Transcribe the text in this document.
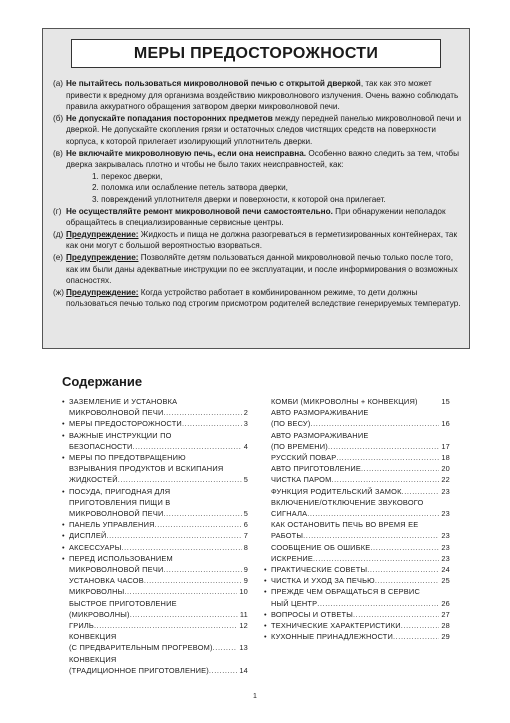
МЕРЫ ПРЕДОСТОРОЖНОСТИ
(а) Не пытайтесь пользоваться микроволновой печью с открытой дверкой, так как это может привести к вредному для организма воздействию микроволнового излучения. Очень важно соблюдать правила аккуратного обращения затвором дверки микроволновой печи.
(б) Не допускайте попадания посторонних предметов между передней панелью микроволновой печи и дверкой. Не допускайте скопления грязи и остаточных следов чистящих средств на поверхности корпуса, к которой прилегает изолирующий уплотнитель дверки.
(в) Не включайте микроволновую печь, если она неисправна. Особенно важно следить за тем, чтобы дверка закрывалась плотно и чтобы не было таких неисправностей, как:
1. перекос дверки,
2. поломка или ослабление петель затвора дверки,
3. повреждений уплотнителя дверки и поверхности, к которой она прилегает.
(г) Не осуществляйте ремонт микроволновой печи самостоятельно. При обнаружении неполадок обращайтесь в специализированные сервисные центры.
(д) Предупреждение: Жидкость и пища не должна разогреваться в герметизированных контейнерах, так как они могут с большой вероятностью взорваться.
(е) Предупреждение: Позволяйте детям пользоваться данной микроволновой печью только после того, как им были даны адекватные инструкции по ее эксплуатации, и после информирования о возможных опасностях.
(ж) Предупреждение: Когда устройство работает в комбинированном режиме, то дети должны пользоваться печью только под строгим присмотром родителей вследствие генерируемых температур.
Содержание
• ЗАЗЕМЛЕНИЕ И УСТАНОВКА
МИКРОВОЛНОВОЙ ПЕЧИ .....	2
• МЕРЫ ПРЕДОСТОРОЖНОСТИ .....	3
• ВАЖНЫЕ ИНСТРУКЦИИ ПО
БЕЗОПАСНОСТИ .....	4
• МЕРЫ ПО ПРЕДОТВРАЩЕНИЮ
ВЗРЫВАНИЯ ПРОДУКТОВ И ВСКИПАНИЯ
ЖИДКОСТЕЙ .....	5
• ПОСУДА, ПРИГОДНАЯ ДЛЯ
ПРИГОТОВЛЕНИЯ ПИЩИ В
МИКРОВОЛНОВОЙ ПЕЧИ .....	5
• ПАНЕЛЬ УПРАВЛЕНИЯ .....	6
• ДИСПЛЕЙ .....	7
• АКСЕССУАРЫ .....	8
• ПЕРЕД ИСПОЛЬЗОВАНИЕМ
МИКРОВОЛНОВОЙ ПЕЧИ .....	9
УСТАНОВКА ЧАСОВ .....	9
МИКРОВОЛНЫ .....	10
БЫСТРОЕ ПРИГОТОВЛЕНИЕ
(МИКРОВОЛНЫ) .....	11
ГРИЛЬ .....	12
КОНВЕКЦИЯ
(С ПРЕДВАРИТЕЛЬНЫМ ПРОГРЕВОМ) .....	13
КОНВЕКЦИЯ
(ТРАДИЦИОННОЕ ПРИГОТОВЛЕНИЕ) .....	14
КОМБИ (МИКРОВОЛНЫ + КОНВЕКЦИЯ)	15
АВТО РАЗМОРАЖИВАНИЕ
(ПО ВЕСУ) .....	16
АВТО РАЗМОРАЖИВАНИЕ
(ПО ВРЕМЕНИ) .....	17
РУССКИЙ ПОВАР .....	18
АВТО ПРИГОТОВЛЕНИЕ .....	20
ЧИСТКА ПАРОМ .....	22
ФУНКЦИЯ РОДИТЕЛЬСКИЙ ЗАМОК .....	23
ВКЛЮЧЕНИЕ/ОТКЛЮЧЕНИЕ ЗВУКОВОГО
СИГНАЛА .....	23
КАК ОСТАНОВИТЬ ПЕЧЬ ВО ВРЕМЯ ЕЕ
РАБОТЫ .....	23
СООБЩЕНИЕ ОБ ОШИБКЕ .....	23
ИСКРЕНИЕ .....	23
• ПРАКТИЧЕСКИЕ СОВЕТЫ .....	24
• ЧИСТКА И УХОД ЗА ПЕЧЬЮ .....	25
• ПРЕЖДЕ ЧЕМ ОБРАЩАТЬСЯ В СЕРВИС
НЫЙ ЦЕНТР .....	26
• ВОПРОСЫ И ОТВЕТЫ .....	27
• ТЕХНИЧЕСКИЕ ХАРАКТЕРИСТИКИ .....	28
• КУХОННЫЕ ПРИНАДЛЕЖНОСТИ .....	29
1
